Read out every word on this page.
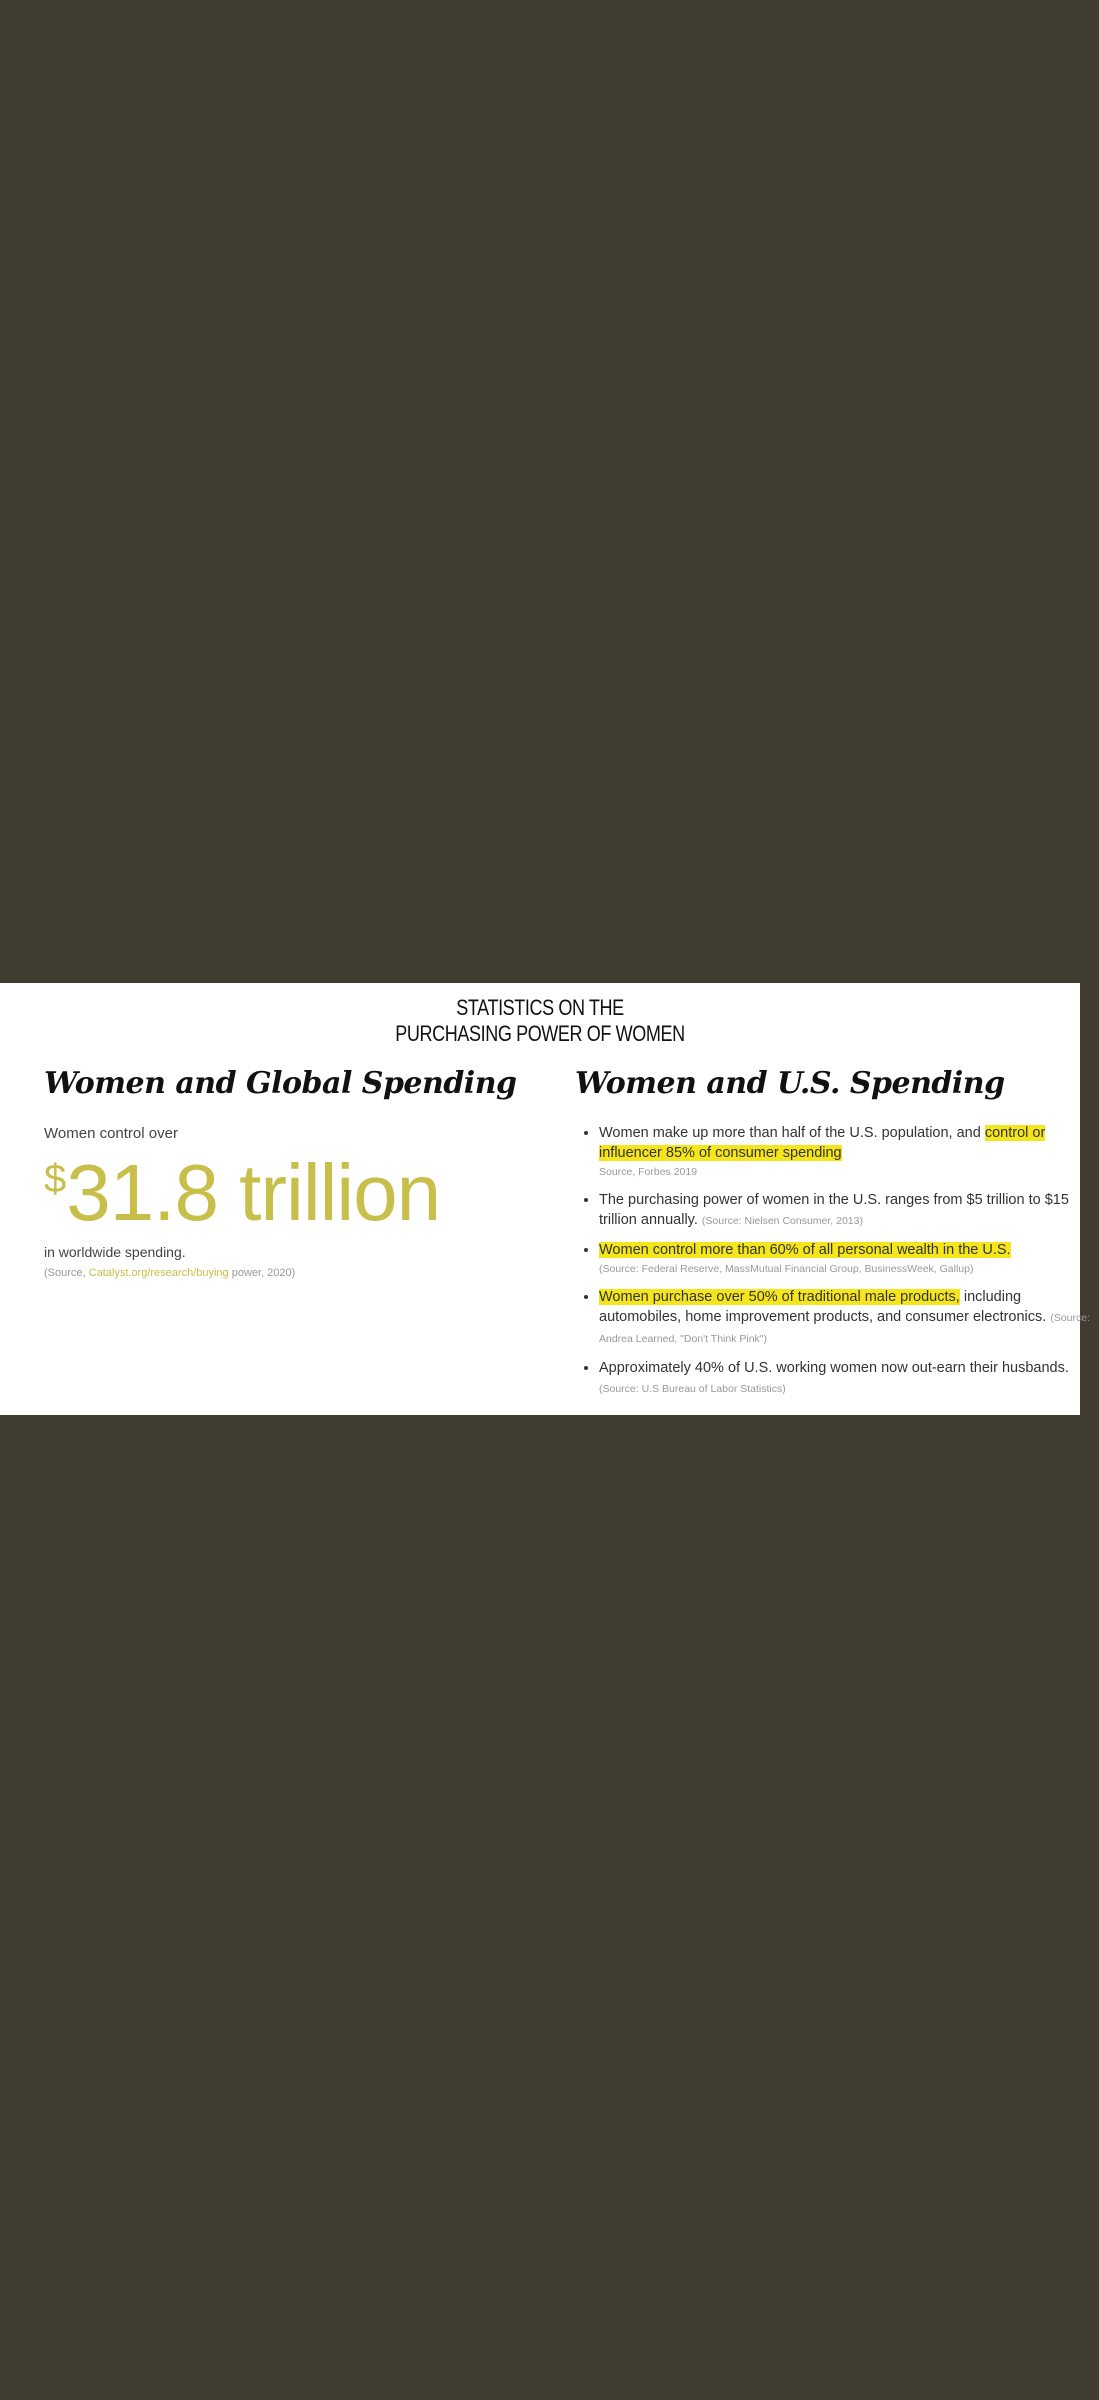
STATISTICS ON THE
PURCHASING POWER OF WOMEN
Women and Global Spending
Women control over
$31.8 trillion
in worldwide spending.
(Source, Catalyst.org/research/buying power, 2020)
Women and U.S. Spending
• Women make up more than half of the U.S. population, and control or influencer 85% of consumer spending
Source, Forbes 2019
• The purchasing power of women in the U.S. ranges from $5 trillion to $15 trillion annually. (Source: Nielsen Consumer, 2013)
• Women control more than 60% of all personal wealth in the U.S.
(Source: Federal Reserve, MassMutual Financial Group, BusinessWeek, Gallup)
• Women purchase over 50% of traditional male products, including automobiles, home improvement products, and consumer electronics. (Source: Andrea Learned, "Don't Think Pink")
• Approximately 40% of U.S. working women now out-earn their husbands. (Source: U.S Bureau of Labor Statistics)
